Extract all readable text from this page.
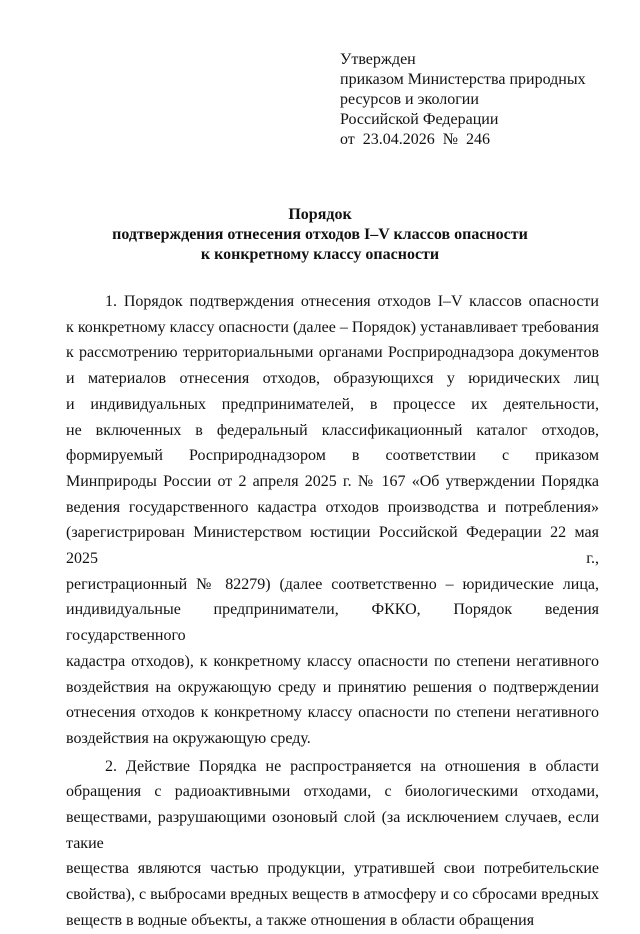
Утвержден
приказом Министерства природных
ресурсов и экологии
Российской Федерации
от 23.04.2026 № 246
Порядок
подтверждения отнесения отходов I–V классов опасности
к конкретному классу опасности

1. Порядок подтверждения отнесения отходов I–V классов опасности
к конкретному классу опасности (далее – Порядок) устанавливает требования
к рассмотрению территориальными органами Росприроднадзора документов
и материалов отнесения отходов, образующихся у юридических лиц
и индивидуальных предпринимателей, в процессе их деятельности,
не включенных в федеральный классификационный каталог отходов,
формируемый Росприроднадзором в соответствии с приказом
Минприроды России от 2 апреля 2025 г. № 167 «Об утверждении Порядка
ведения государственного кадастра отходов производства и потребления»
(зарегистрирован Министерством юстиции Российской Федерации 22 мая 2025 г.,
регистрационный № 82279) (далее соответственно – юридические лица,
индивидуальные предприниматели, ФККО, Порядок ведения государственного
кадастра отходов), к конкретному классу опасности по степени негативного
воздействия на окружающую среду и принятию решения о подтверждении
отнесения отходов к конкретному классу опасности по степени негативного
воздействия на окружающую среду.

2. Действие Порядка не распространяется на отношения в области
обращения с радиоактивными отходами, с биологическими отходами,
веществами, разрушающими озоновый слой (за исключением случаев, если такие
вещества являются частью продукции, утратившей свои потребительские
свойства), с выбросами вредных веществ в атмосферу и со сбросами вредных
веществ в водные объекты, а также отношения в области обращения
